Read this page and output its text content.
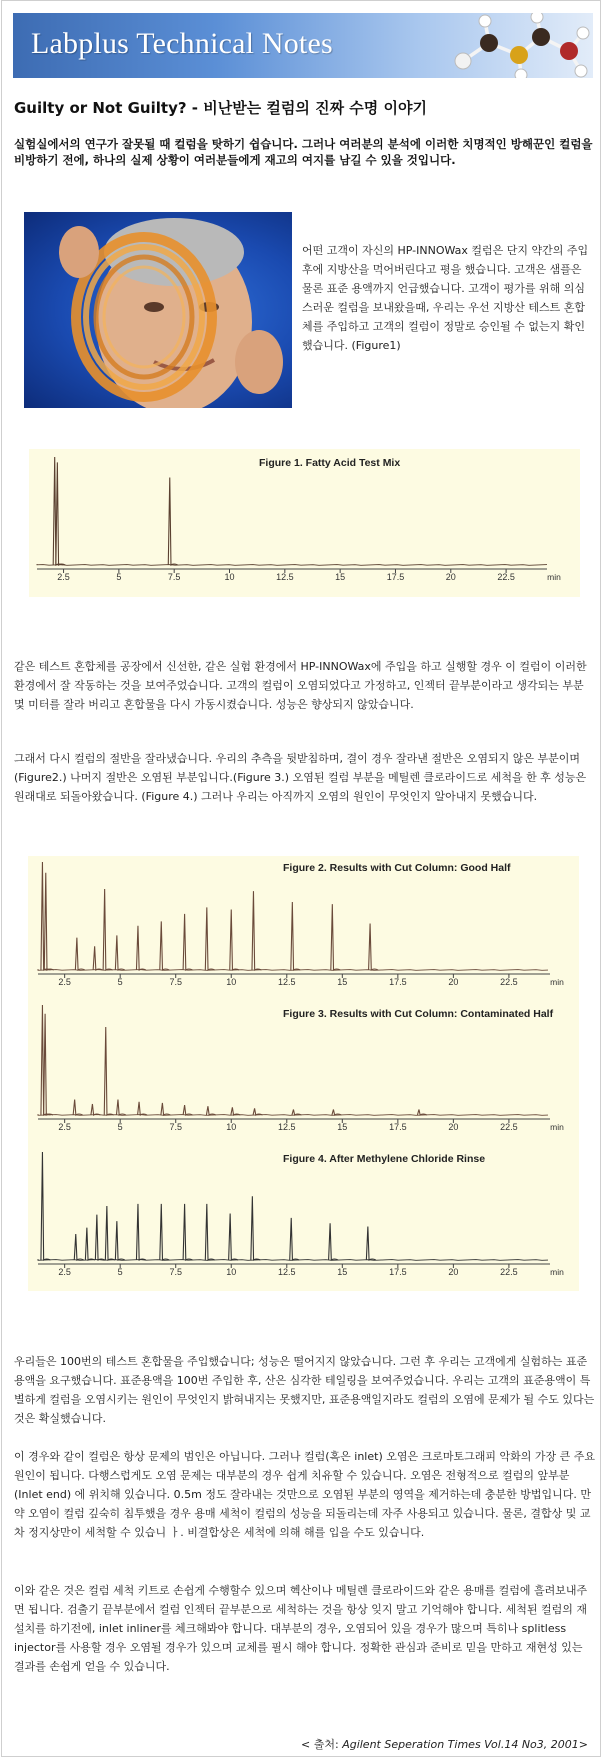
Labplus Technical Notes
Guilty or Not Guilty? - 비난받는 컬럼의 진짜 수명 이야기
실험실에서의 연구가 잘못될 때 컬럼을 탓하기 쉽습니다. 그러나 여러분의 분석에 이러한 치명적인 방해꾼인 컬럼을 비방하기 전에, 하나의 실제 상황이 여러분들에게 재고의 여지를 남길 수 있을 것입니다.
어떤 고객이 자신의 HP-INNOWax 컬럼은 단지 약간의 주입 후에 지방산을 먹어버린다고 평을 했습니다. 고객은 샘플은 물론 표준 용액까지 언급했습니다. 고객이 평가를 위해 의심스러운 컬럼을 보내왔을때, 우리는 우선 지방산 테스트 혼합체를 주입하고 고객의 컬럼이 정말로 승인될 수 없는지 확인했습니다. (Figure1)
Figure 1. Fatty Acid Test Mix
2.5	5	7.5	10	12.5	15	17.5	20	22.5	min
같은 테스트 혼합체를 공장에서 신선한, 같은 실험 환경에서 HP-INNOWax에 주입을 하고 실행할 경우 이 컬럼이 이러한 환경에서 잘 작동하는 것을 보여주었습니다. 고객의 컬럼이 오염되었다고 가정하고, 인젝터 끝부분이라고 생각되는 부분 몇 미터를 잘라 버리고 혼합물을 다시 가동시켰습니다. 성능은 향상되지 않았습니다.
그래서 다시 컬럼의 절반을 잘라냈습니다. 우리의 추측을 뒷받침하며, 결이 경우 잘라낸 절반은 오염되지 않은 부분이며 (Figure2.) 나머지 절반은 오염된 부분입니다.(Figure 3.) 오염된 컬럼 부분을 메틸렌 클로라이드로 세척을 한 후 성능은 원래대로 되돌아왔습니다. (Figure 4.) 그러나 우리는 아직까지 오염의 원인이 무엇인지 알아내지 못했습니다.
Figure 2. Results with Cut Column: Good Half
2.5	5	7.5	10	12.5	15	17.5	20	22.5	min
Figure 3. Results with Cut Column: Contaminated Half
2.5	5	7.5	10	12.5	15	17.5	20	22.5	min
Figure 4. After Methylene Chloride Rinse
2.5	5	7.5	10	12.5	15	17.5	20	22.5	min
우리들은 100번의 테스트 혼합물을 주입했습니다; 성능은 떨어지지 않았습니다. 그런 후 우리는 고객에게 실험하는 표준 용액을 요구했습니다. 표준용액을 100번 주입한 후, 산은 심각한 테일링을 보여주었습니다. 우리는 고객의 표준용액이 특별하게 컬럼을 오염시키는 원인이 무엇인지 밝혀내지는 못했지만, 표준용액일지라도 컬럼의 오염에 문제가 될 수도 있다는 것은 확실했습니다.
이 경우와 같이 컬럼은 항상 문제의 범인은 아닙니다. 그러나 컬럼(혹은 inlet) 오염은 크로마토그래피 악화의 가장 큰 주요 원인이 됩니다. 다행스럽게도 오염 문제는 대부분의 경우 쉽게 치유할 수 있습니다. 오염은 전형적으로 컬럼의 앞부분 (Inlet end) 에 위치해 있습니다. 0.5m 정도 잘라내는 것만으로 오염된 부분의 영역을 제거하는데 충분한 방법입니다. 만약 오염이 컬럼 깊숙히 침투했을 경우 용매 세척이 컬럼의 성능을 되돌리는데 자주 사용되고 있습니다. 물론, 결합상 및 교차 정지상만이 세척할 수 있습니 ㅏ. 비결합상은 세척에 의해 해를 입을 수도 있습니다.
이와 같은 것은 컬럼 세척 키트로 손쉽게 수행할수 있으며 헥산이나 메틸렌 클로라이드와 같은 용매를 컬럼에 흘려보내주면 됩니다. 검출기 끝부분에서 컬럼 인젝터 끝부분으로 세척하는 것을 항상 잊지 말고 기억해야 합니다. 세척된 컬럼의 재설치를 하기전에, inlet inliner를 체크해봐야 합니다. 대부분의 경우, 오염되어 있을 경우가 많으며 특히나 splitless injector를 사용할 경우 오염될 경우가 있으며 교체를 필시 해야 합니다. 정확한 관심과 준비로 믿을 만하고 재현성 있는 결과를 손쉽게 얻을 수 있습니다.
< 출처: Agilent Seperation Times Vol.14 No3, 2001>
